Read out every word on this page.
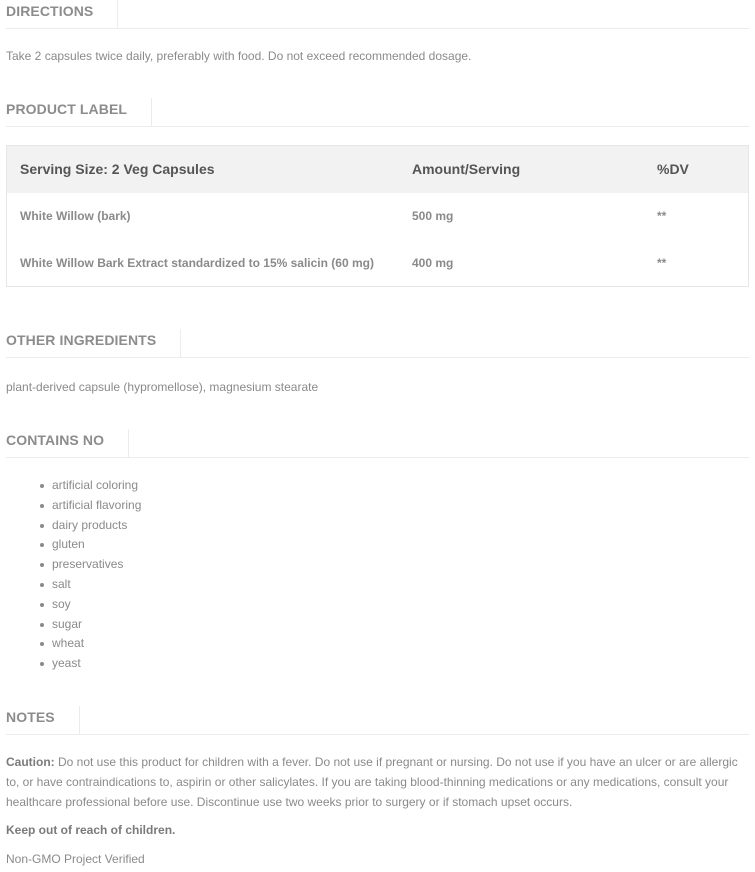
DIRECTIONS
Take 2 capsules twice daily, preferably with food. Do not exceed recommended dosage.
PRODUCT LABEL
Serving Size: 2 Veg Capsules	Amount/Serving	%DV
White Willow (bark)	500 mg	**
White Willow Bark Extract standardized to 15% salicin (60 mg)	400 mg	**
OTHER INGREDIENTS
plant-derived capsule (hypromellose), magnesium stearate
CONTAINS NO
artificial coloring
artificial flavoring
dairy products
gluten
preservatives
salt
soy
sugar
wheat
yeast
NOTES
Caution: Do not use this product for children with a fever. Do not use if pregnant or nursing. Do not use if you have an ulcer or are allergic to, or have contraindications to, aspirin or other salicylates. If you are taking blood-thinning medications or any medications, consult your healthcare professional before use. Discontinue use two weeks prior to surgery or if stomach upset occurs.
Keep out of reach of children.
Non-GMO Project Verified
